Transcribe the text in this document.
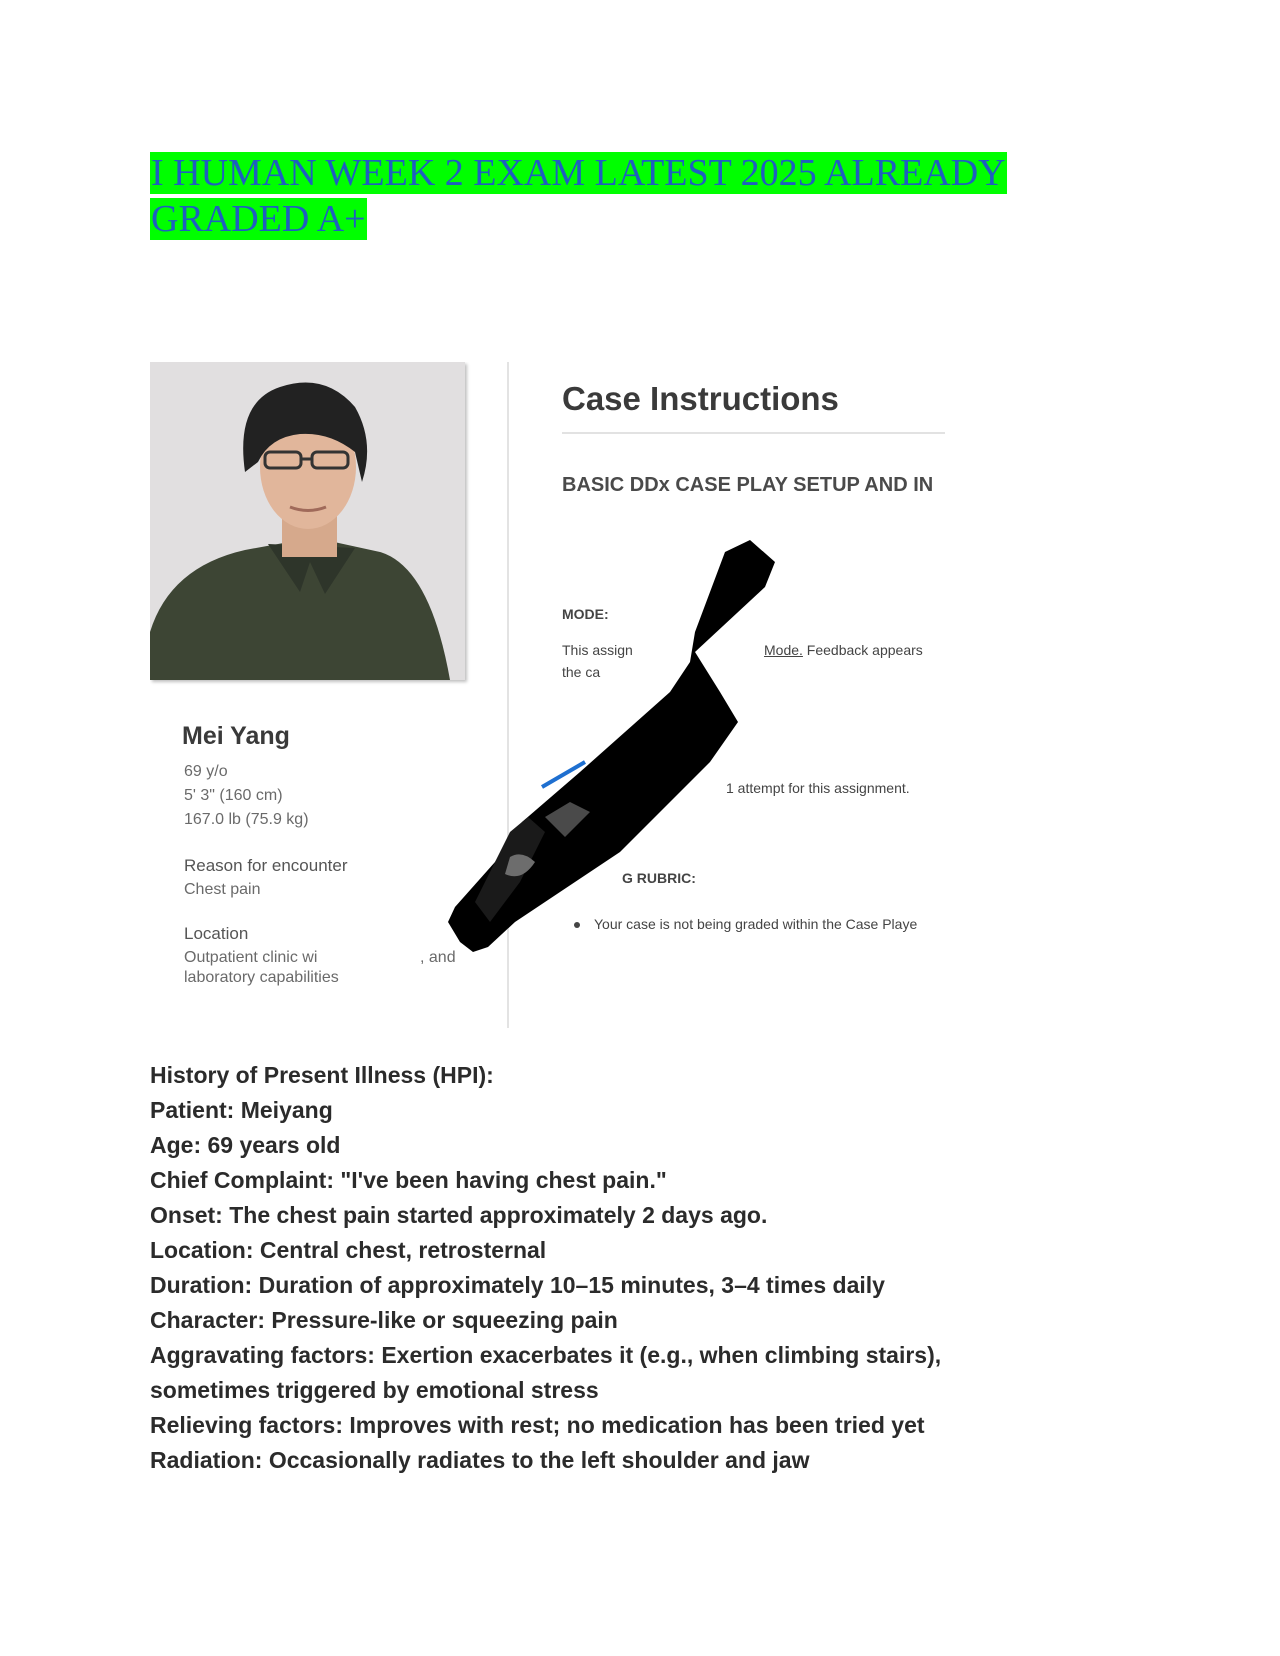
I HUMAN WEEK 2 EXAM LATEST 2025 ALREADY
GRADED A+
Mei Yang
69 y/o
5' 3" (160 cm)
167.0 lb (75.9 kg)
Reason for encounter
Chest pain
Location
Outpatient clinic wi	, and
laboratory capabilities
Case Instructions
BASIC DDx CASE PLAY SETUP AND IN
MODE:
This assign	Mode. Feedback appears
the ca
1 attempt for this assignment.
G RUBRIC:
Your case is not being graded within the Case Playe
History of Present Illness (HPI):
Patient: Meiyang
Age: 69 years old
Chief Complaint: "I've been having chest pain."
Onset: The chest pain started approximately 2 days ago.
Location: Central chest, retrosternal
Duration: Duration of approximately 10–15 minutes, 3–4 times daily
Character: Pressure-like or squeezing pain
Aggravating factors: Exertion exacerbates it (e.g., when climbing stairs),
sometimes triggered by emotional stress
Relieving factors: Improves with rest; no medication has been tried yet
Radiation: Occasionally radiates to the left shoulder and jaw
